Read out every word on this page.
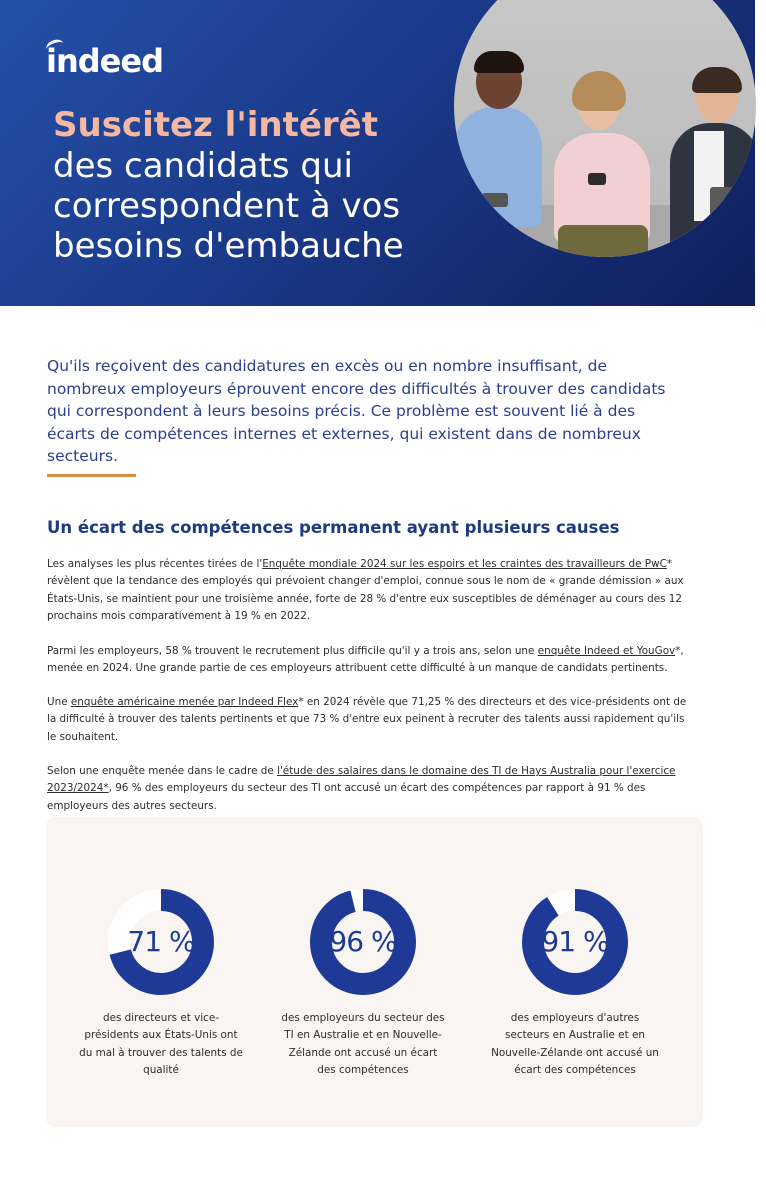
indeed
Suscitez l'intérêt
des candidats qui
correspondent à vos
besoins d'embauche
Qu'ils reçoivent des candidatures en excès ou en nombre insuffisant, de nombreux employeurs éprouvent encore des difficultés à trouver des candidats qui correspondent à leurs besoins précis. Ce problème est souvent lié à des écarts de compétences internes et externes, qui existent dans de nombreux secteurs.
Un écart des compétences permanent ayant plusieurs causes
Les analyses les plus récentes tirées de l'Enquête mondiale 2024 sur les espoirs et les craintes des travailleurs de PwC* révèlent que la tendance des employés qui prévoient changer d'emploi, connue sous le nom de « grande démission » aux États-Unis, se maintient pour une troisième année, forte de 28 % d'entre eux susceptibles de déménager au cours des 12 prochains mois comparativement à 19 % en 2022.
Parmi les employeurs, 58 % trouvent le recrutement plus difficile qu'il y a trois ans, selon une enquête Indeed et YouGov*, menée en 2024. Une grande partie de ces employeurs attribuent cette difficulté à un manque de candidats pertinents.
Une enquête américaine menée par Indeed Flex* en 2024 révèle que 71,25 % des directeurs et des vice-présidents ont de la difficulté à trouver des talents pertinents et que 73 % d'entre eux peinent à recruter des talents aussi rapidement qu'ils le souhaitent.
Selon une enquête menée dans le cadre de l'étude des salaires dans le domaine des TI de Hays Australia pour l'exercice 2023/2024*, 96 % des employeurs du secteur des TI ont accusé un écart des compétences par rapport à 91 % des employeurs des autres secteurs.
71 %
des directeurs et vice-présidents aux États-Unis ont du mal à trouver des talents de qualité
96 %
des employeurs du secteur des TI en Australie et en Nouvelle-Zélande ont accusé un écart des compétences
91 %
des employeurs d'autres secteurs en Australie et en Nouvelle-Zélande ont accusé un écart des compétences
